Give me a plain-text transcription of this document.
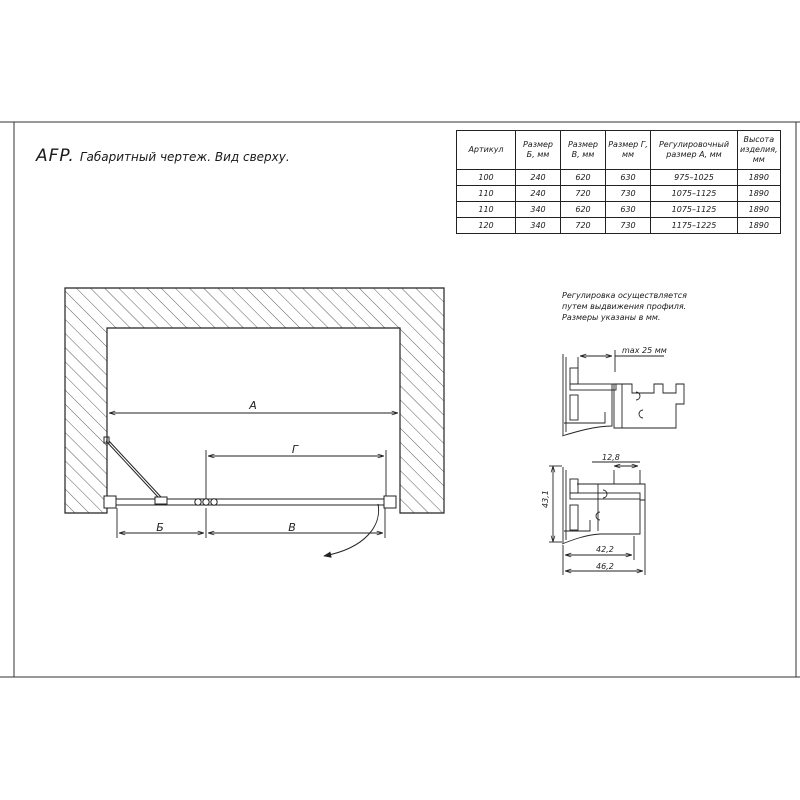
А
Г
Б	В
max 25 мм
12,8
43,1
42,2
46,2
AFP. Габаритный чертеж. Вид сверху.
Артикул	Размер Б, мм	Размер В, мм	Размер Г, мм	Регулировочный размер А, мм	Высота изделия, мм
100	240	620	630	975–1025	1890
110	240	720	730	1075–1125	1890
110	340	620	630	1075–1125	1890
120	340	720	730	1175–1225	1890
Регулировка осуществляется
путем выдвижения профиля.
Размеры указаны в мм.
